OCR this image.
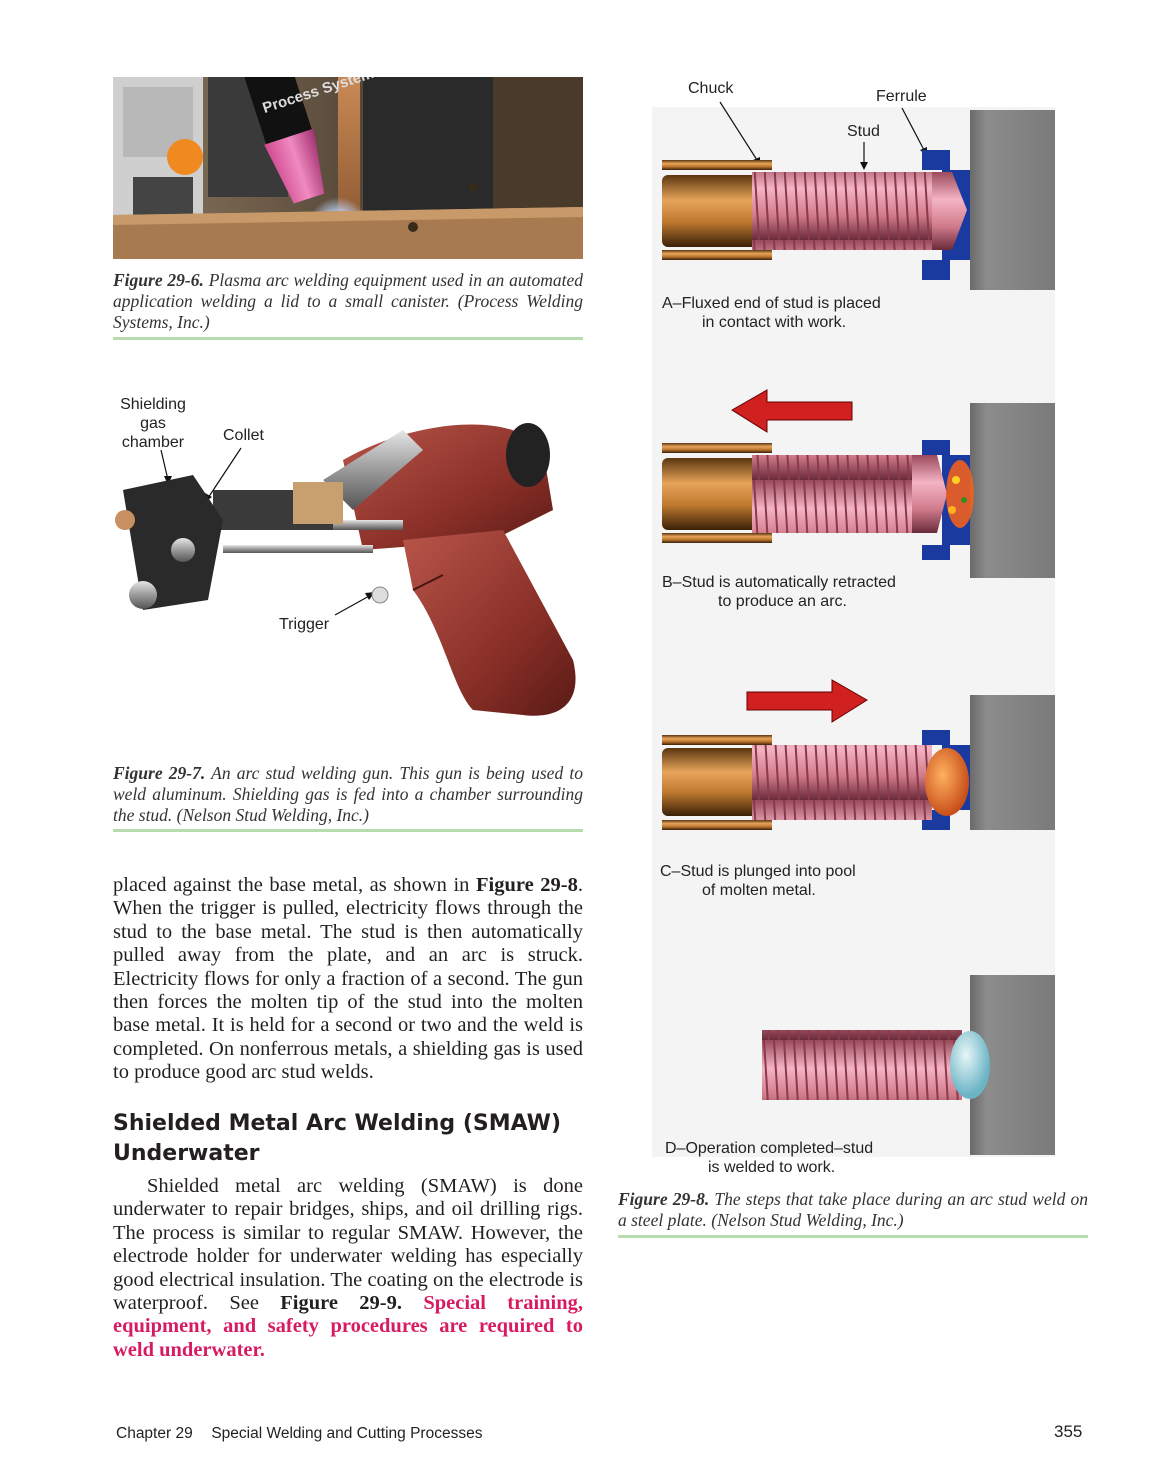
Figure 29-6. Plasma arc welding equipment used in an automated application welding a lid to a small canister. (Process Welding Systems, Inc.)
Shielding gas chamber	Collet
Trigger
Figure 29-7. An arc stud welding gun. This gun is being used to weld aluminum. Shielding gas is fed into a chamber surrounding the stud. (Nelson Stud Welding, Inc.)
placed against the base metal, as shown in Figure 29-8. When the trigger is pulled, electricity flows through the stud to the base metal. The stud is then automatically pulled away from the plate, and an arc is struck. Electricity flows for only a fraction of a second. The gun then forces the molten tip of the stud into the molten base metal. It is held for a second or two and the weld is completed. On nonferrous metals, a shielding gas is used to produce good arc stud welds.
Shielded Metal Arc Welding (SMAW)
Underwater
Shielded metal arc welding (SMAW) is done underwater to repair bridges, ships, and oil drilling rigs. The process is similar to regular SMAW. However, the electrode holder for underwater welding has especially good electrical insulation. The coating on the electrode is waterproof. See Figure 29-9. Special training, equipment, and safety procedures are required to weld underwater.
Chuck	Ferrule
Stud
A–Fluxed end of stud is placed
in contact with work.
B–Stud is automatically retracted
to produce an arc.
C–Stud is plunged into pool
of molten metal.
D–Operation completed–stud
is welded to work.
Figure 29-8. The steps that take place during an arc stud weld on a steel plate. (Nelson Stud Welding, Inc.)
Chapter 29 Special Welding and Cutting Processes	355
